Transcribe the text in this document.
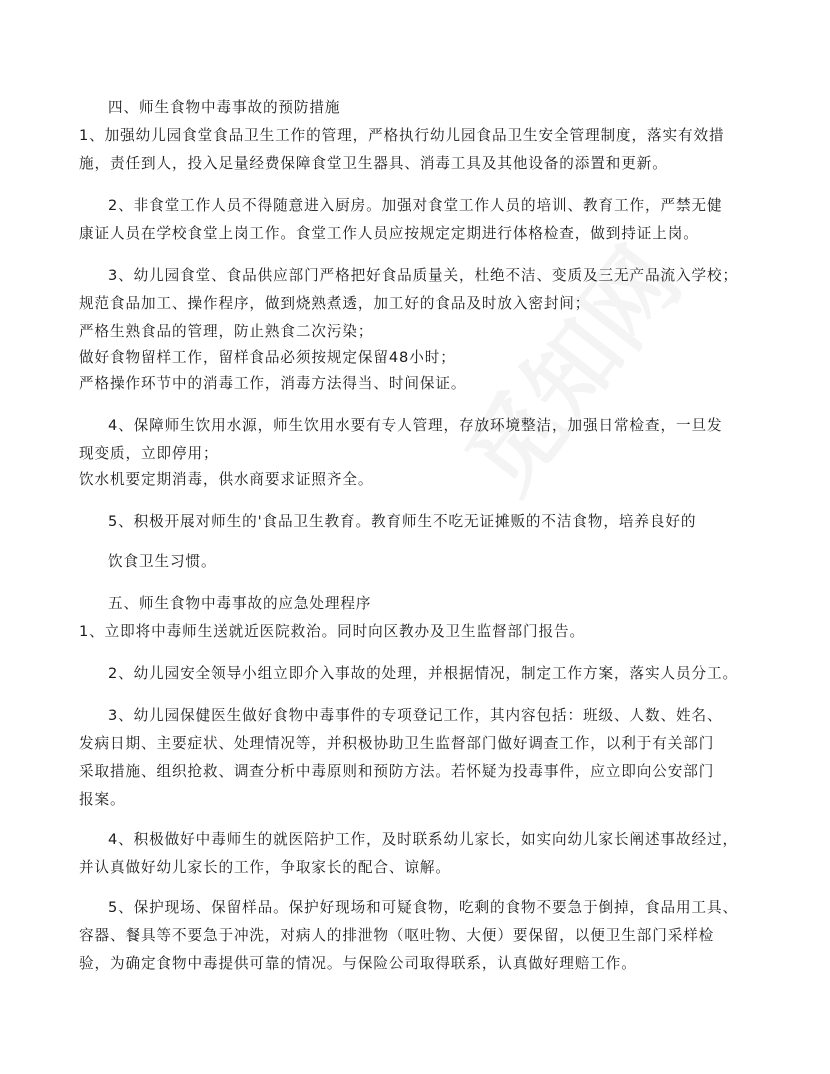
四、师生食物中毒事故的预防措施
1、加强幼儿园食堂食品卫生工作的管理，严格执行幼儿园食品卫生安全管理制度，落实有效措
施，责任到人，投入足量经费保障食堂卫生器具、消毒工具及其他设备的添置和更新。
2、非食堂工作人员不得随意进入厨房。加强对食堂工作人员的培训、教育工作，严禁无健
康证人员在学校食堂上岗工作。食堂工作人员应按规定定期进行体格检查，做到持证上岗。
3、幼儿园食堂、食品供应部门严格把好食品质量关，杜绝不洁、变质及三无产品流入学校；
规范食品加工、操作程序，做到烧熟煮透，加工好的食品及时放入密封间；
严格生熟食品的管理，防止熟食二次污染；
做好食物留样工作，留样食品必须按规定保留48小时；
严格操作环节中的消毒工作，消毒方法得当、时间保证。
4、保障师生饮用水源，师生饮用水要有专人管理，存放环境整洁，加强日常检查，一旦发
现变质，立即停用；
饮水机要定期消毒，供水商要求证照齐全。
5、积极开展对师生的'食品卫生教育。教育师生不吃无证摊贩的不洁食物，培养良好的
饮食卫生习惯。
五、师生食物中毒事故的应急处理程序
1、立即将中毒师生送就近医院救治。同时向区教办及卫生监督部门报告。
2、幼儿园安全领导小组立即介入事故的处理，并根据情况，制定工作方案，落实人员分工。
3、幼儿园保健医生做好食物中毒事件的专项登记工作，其内容包括：班级、人数、姓名、
发病日期、主要症状、处理情况等，并积极协助卫生监督部门做好调查工作，以利于有关部门
采取措施、组织抢救、调查分析中毒原则和预防方法。若怀疑为投毒事件，应立即向公安部门
报案。
4、积极做好中毒师生的就医陪护工作，及时联系幼儿家长，如实向幼儿家长阐述事故经过，
并认真做好幼儿家长的工作，争取家长的配合、谅解。
5、保护现场、保留样品。保护好现场和可疑食物，吃剩的食物不要急于倒掉，食品用工具、
容器、餐具等不要急于冲洗，对病人的排泄物（呕吐物、大便）要保留，以便卫生部门采样检
验，为确定食物中毒提供可靠的情况。与保险公司取得联系，认真做好理赔工作。
